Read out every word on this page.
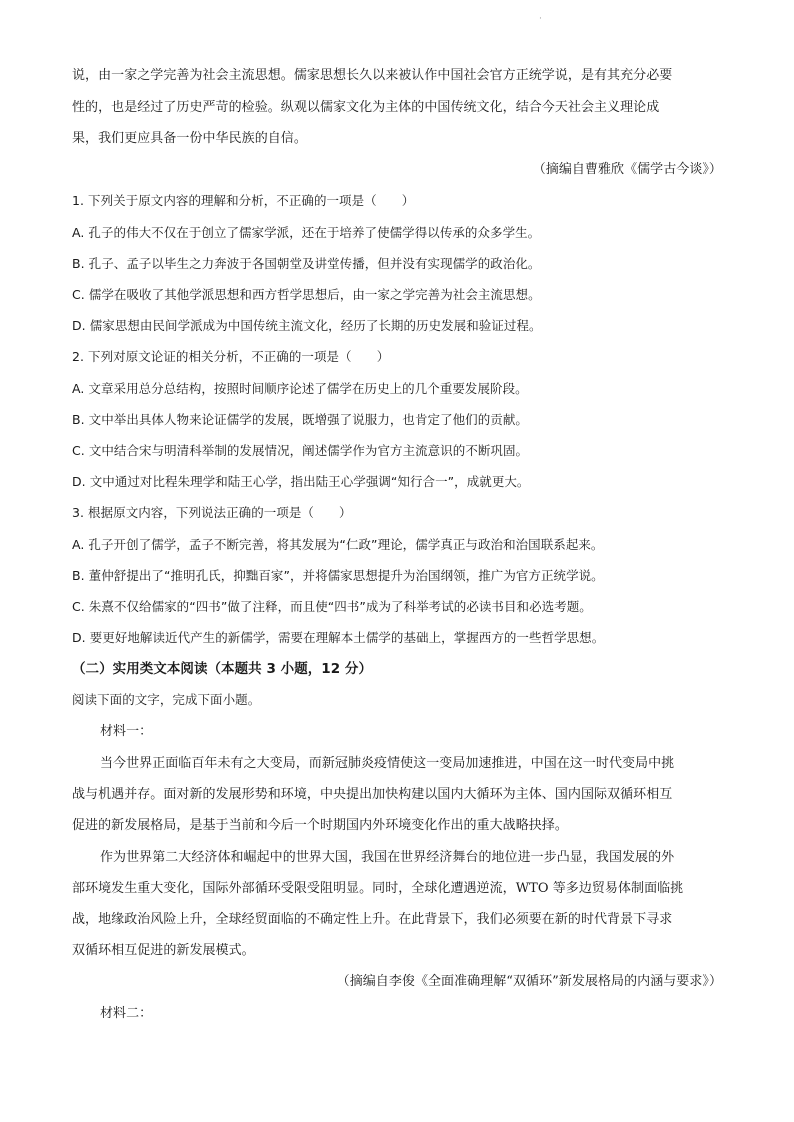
·
说，由一家之学完善为社会主流思想。儒家思想长久以来被认作中国社会官方正统学说，是有其充分必要
性的，也是经过了历史严苛的检验。纵观以儒家文化为主体的中国传统文化，结合今天社会主义理论成
果，我们更应具备一份中华民族的自信。
（摘编自曹雅欣《儒学古今谈》）
1. 下列关于原文内容的理解和分析，不正确的一项是（　　）
A. 孔子的伟大不仅在于创立了儒家学派，还在于培养了使儒学得以传承的众多学生。
B. 孔子、孟子以毕生之力奔波于各国朝堂及讲堂传播，但并没有实现儒学的政治化。
C. 儒学在吸收了其他学派思想和西方哲学思想后，由一家之学完善为社会主流思想。
D. 儒家思想由民间学派成为中国传统主流文化，经历了长期的历史发展和验证过程。
2. 下列对原文论证的相关分析，不正确的一项是（　　）
A. 文章采用总分总结构，按照时间顺序论述了儒学在历史上的几个重要发展阶段。
B. 文中举出具体人物来论证儒学的发展，既增强了说服力，也肯定了他们的贡献。
C. 文中结合宋与明清科举制的发展情况，阐述儒学作为官方主流意识的不断巩固。
D. 文中通过对比程朱理学和陆王心学，指出陆王心学强调“知行合一”，成就更大。
3. 根据原文内容，下列说法正确的一项是（　　）
A. 孔子开创了儒学，孟子不断完善，将其发展为“仁政”理论，儒学真正与政治和治国联系起来。
B. 董仲舒提出了“推明孔氏，抑黜百家”，并将儒家思想提升为治国纲领，推广为官方正统学说。
C. 朱熹不仅给儒家的“四书”做了注释，而且使“四书”成为了科举考试的必读书目和必选考题。
D. 要更好地解读近代产生的新儒学，需要在理解本土儒学的基础上，掌握西方的一些哲学思想。
（二）实用类文本阅读（本题共 3 小题，12 分）
阅读下面的文字，完成下面小题。
材料一：
当今世界正面临百年未有之大变局，而新冠肺炎疫情使这一变局加速推进，中国在这一时代变局中挑
战与机遇并存。面对新的发展形势和环境，中央提出加快构建以国内大循环为主体、国内国际双循环相互
促进的新发展格局，是基于当前和今后一个时期国内外环境变化作出的重大战略抉择。
作为世界第二大经济体和崛起中的世界大国，我国在世界经济舞台的地位进一步凸显，我国发展的外
部环境发生重大变化，国际外部循环受限受阻明显。同时，全球化遭遇逆流，WTO 等多边贸易体制面临挑
战，地缘政治风险上升，全球经贸面临的不确定性上升。在此背景下，我们必须要在新的时代背景下寻求
双循环相互促进的新发展模式。
（摘编自李俊《全面准确理解“双循环”新发展格局的内涵与要求》）
材料二：
